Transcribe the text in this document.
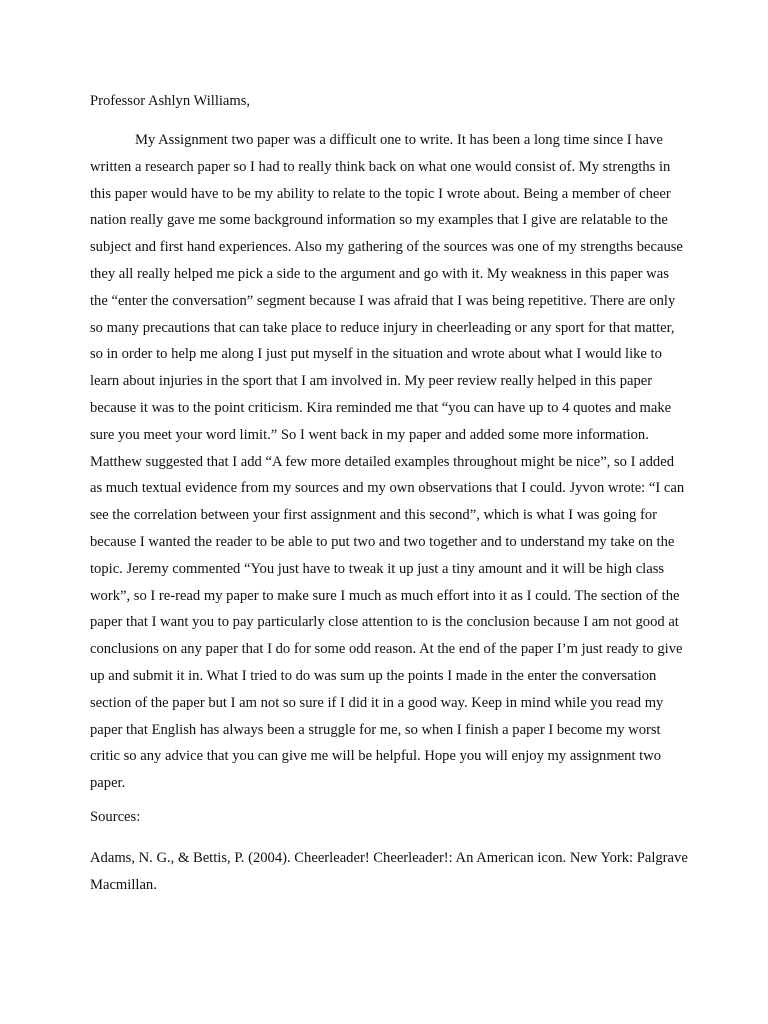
Professor Ashlyn Williams,

My Assignment two paper was a difficult one to write. It has been a long time since I have written a research paper so I had to really think back on what one would consist of. My strengths in this paper would have to be my ability to relate to the topic I wrote about. Being a member of cheer nation really gave me some background information so my examples that I give are relatable to the subject and first hand experiences. Also my gathering of the sources was one of my strengths because they all really helped me pick a side to the argument and go with it. My weakness in this paper was the “enter the conversation” segment because I was afraid that I was being repetitive. There are only so many precautions that can take place to reduce injury in cheerleading or any sport for that matter, so in order to help me along I just put myself in the situation and wrote about what I would like to learn about injuries in the sport that I am involved in. My peer review really helped in this paper because it was to the point criticism. Kira reminded me that “you can have up to 4 quotes and make sure you meet your word limit.” So I went back in my paper and added some more information. Matthew suggested that I add “A few more detailed examples throughout might be nice”, so I added as much textual evidence from my sources and my own observations that I could. Jyvon wrote: “I can see the correlation between your first assignment and this second”, which is what I was going for because I wanted the reader to be able to put two and two together and to understand my take on the topic. Jeremy commented “You just have to tweak it up just a tiny amount and it will be high class work”, so I re-read my paper to make sure I much as much effort into it as I could. The section of the paper that I want you to pay particularly close attention to is the conclusion because I am not good at conclusions on any paper that I do for some odd reason. At the end of the paper I’m just ready to give up and submit it in. What I tried to do was sum up the points I made in the enter the conversation section of the paper but I am not so sure if I did it in a good way. Keep in mind while you read my paper that English has always been a struggle for me, so when I finish a paper I become my worst critic so any advice that you can give me will be helpful. Hope you will enjoy my assignment two paper.

Sources:

Adams, N. G., & Bettis, P. (2004). Cheerleader! Cheerleader!: An American icon. New York: Palgrave Macmillan.
